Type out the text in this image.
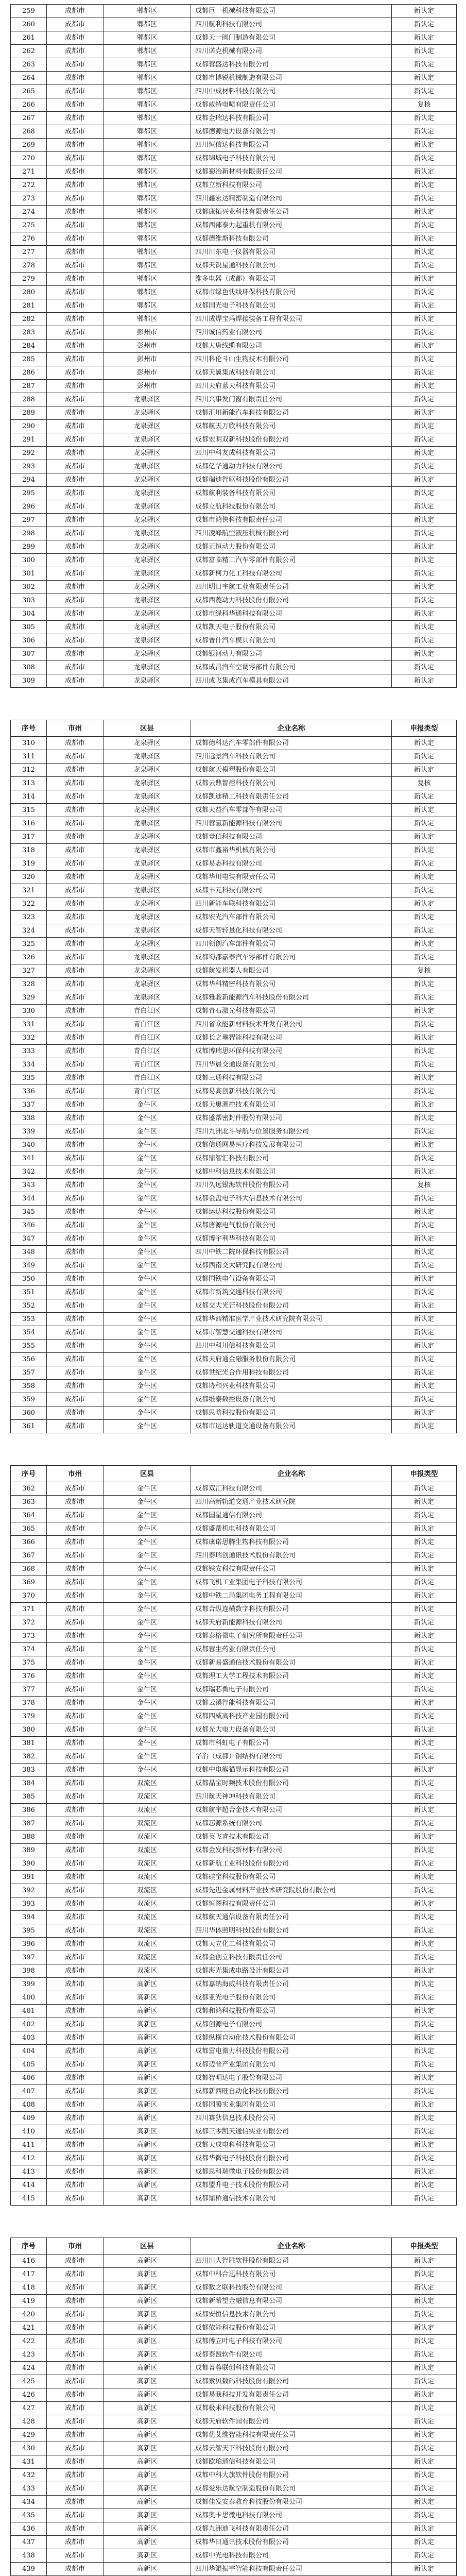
259	成都市	郫都区	成都巨一机械科技有限公司	新认定
260	成都市	郫都区	四川航利科技有限公司	新认定
261	成都市	郫都区	成都天一阀门制造有限公司	新认定
262	成都市	郫都区	四川诺克机械有限公司	新认定
263	成都市	郫都区	成都蓉盛达科技有限公司	新认定
264	成都市	郫都区	成都市博锐机械制造有限公司	新认定
265	成都市	郫都区	四川中成材料科技有限公司	新认定
266	成都市	郫都区	成都威特电喷有限责任公司	复核
267	成都市	郫都区	成都金瑞达科技有限公司	新认定
268	成都市	郫都区	成都德源电力设备有限公司	新认定
269	成都市	郫都区	四川恒信达科技有限公司	新认定
270	成都市	郫都区	成都锦城电子科技有限公司	新认定
271	成都市	郫都区	成都蜀冶新材料有限责任公司	新认定
272	成都市	郫都区	成都立新科技有限公司	新认定
273	成都市	郫都区	四川鑫宏达精密制造有限公司	新认定
274	成都市	郫都区	成都康拓兴业科技有限责任公司	新认定
275	成都市	郫都区	成都西部泰力起重机有限公司	新认定
276	成都市	郫都区	成都德维斯科技有限公司	新认定
277	成都市	郫都区	四川川东电子仪器有限公司	新认定
278	成都市	郫都区	成都天锐星通科技有限公司	新认定
279	成都市	郫都区	维多电器（成都）有限公司	新认定
280	成都市	郫都区	成都市绿色快线环保科技有限公司	新认定
281	成都市	郫都区	成都国光电子科技有限公司	新认定
282	成都市	郫都区	四川成焊宝玛焊接装备工程有限公司	新认定
283	成都市	彭州市	四川诚信药业有限公司	新认定
284	成都市	彭州市	成都大唐线缆有限公司	新认定
285	成都市	彭州市	四川科伦斗山生物技术有限公司	新认定
286	成都市	彭州市	成都天翼集成科技有限公司	新认定
287	成都市	彭州市	四川天府蓝天科技有限公司	新认定
288	成都市	龙泉驿区	四川兴事发门窗有限责任公司	新认定
289	成都市	龙泉驿区	成都汇川新能汽车科技有限公司	新认定
290	成都市	龙泉驿区	成都航天万欣科技有限公司	新认定
291	成都市	龙泉驿区	成都宏明双新科技股份有限公司	新认定
292	成都市	龙泉驿区	四川中科友成科技有限公司	新认定
293	成都市	龙泉驿区	成都亿华通动力科技有限公司	新认定
294	成都市	龙泉驿区	成都瑞迪智驱科技股份有限公司	新认定
295	成都市	龙泉驿区	成都航利装备科技有限公司	新认定
296	成都市	龙泉驿区	成都立航科技股份有限公司	新认定
297	成都市	龙泉驿区	成都市鸿侠科技有限责任公司	新认定
298	成都市	龙泉驿区	四川凌峰航空液压机械有限公司	新认定
299	成都市	龙泉驿区	成都正恒动力股份有限公司	新认定
300	成都市	龙泉驿区	成都富临精工汽车零部件有限公司	新认定
301	成都市	龙泉驿区	成都新柯力化工科技有限公司	新认定
302	成都市	龙泉驿区	四川明日宇航工业有限责任公司	新认定
303	成都市	龙泉驿区	成都西菱动力科技股份有限公司	新认定
304	成都市	龙泉驿区	成都市绿科华通科技有限公司	新认定
305	成都市	龙泉驿区	成都凯天电子股份有限公司	新认定
306	成都市	龙泉驿区	成都普什汽车模具有限公司	新认定
307	成都市	龙泉驿区	成都银河动力有限公司	新认定
308	成都市	龙泉驿区	成都成昌汽车空调零部件有限公司	新认定
309	成都市	龙泉驿区	四川成飞集成汽车模具有限公司	新认定
序号	市州	区县	企业名称	申报类型
310	成都市	龙泉驿区	成都德科达汽车零部件有限公司	新认定
311	成都市	龙泉驿区	四川远景汽车科技有限公司	新认定
312	成都市	龙泉驿区	成都航天模塑股份有限公司	新认定
313	成都市	龙泉驿区	成都云鼎智控科技有限公司	复核
314	成都市	龙泉驿区	成都凯迪精工科技有限责任公司	新认定
315	成都市	龙泉驿区	成都天益汽车零部件有限公司	新认定
316	成都市	龙泉驿区	四川蓉氢新能源科技有限公司	新认定
317	成都市	龙泉驿区	成都壹佰科技有限公司	新认定
318	成都市	龙泉驿区	成都市鑫裕华机械有限公司	新认定
319	成都市	龙泉驿区	成都易态科技有限公司	新认定
320	成都市	龙泉驿区	成都华川电装有限责任公司	新认定
321	成都市	龙泉驿区	成都丰元科技有限公司	新认定
322	成都市	龙泉驿区	四川新能车联科技有限公司	新认定
323	成都市	龙泉驿区	成都宏光汽车部件有限公司	新认定
324	成都市	龙泉驿区	成都天智轻量化科技有限公司	新认定
325	成都市	龙泉驿区	四川领创汽车部件有限公司	新认定
326	成都市	龙泉驿区	成都蜀都嘉泰汽车零部件有限公司	新认定
327	成都市	龙泉驿区	成都航发机器人有限公司	复核
328	成都市	龙泉驿区	成都华科精密科技有限公司	新认定
329	成都市	龙泉驿区	成都雅骏新能源汽车科技股份有限公司	新认定
330	成都市	青白江区	成都青石激光科技有限公司	新认定
331	成都市	青白江区	四川省众能新材料技术开发有限公司	新认定
332	成都市	青白江区	成都长之琳智能科技有限公司	新认定
333	成都市	青白江区	成都博瑞思环保科技有限公司	新认定
334	成都市	青白江区	四川华晨交通设备有限公司	新认定
335	成都市	青白江区	成都三通科技有限公司	新认定
336	成都市	青白江区	成都易高创新科技有限公司	新认定
337	成都市	金牛区	成都天奥测控技术有限公司	新认定
338	成都市	金牛区	成都盛帮密封件股份有限公司	新认定
339	成都市	金牛区	四川九洲北斗导航与位置服务有限公司	新认定
340	成都市	金牛区	成都信通网易医疗科技发展有限公司	新认定
341	成都市	金牛区	成都鼎智汇科技有限公司	新认定
342	成都市	金牛区	成都中科信息技术有限公司	新认定
343	成都市	金牛区	四川久远银海软件股份有限公司	复核
344	成都市	金牛区	成都金盘电子科大信息技术有限公司	新认定
345	成都市	金牛区	成都运达科技股份有限公司	新认定
346	成都市	金牛区	成都唐源电气股份有限公司	新认定
347	成都市	金牛区	成都博宇利华科技有限公司	新认定
348	成都市	金牛区	四川中铁二院环保科技有限公司	新认定
349	成都市	金牛区	成都西南交大研究院有限公司	新认定
350	成都市	金牛区	成都国铁电气设备有限公司	新认定
351	成都市	金牛区	成都市新筑交通科技有限公司	新认定
352	成都市	金牛区	成都交大光芒科技股份有限公司	新认定
353	成都市	金牛区	成都华西精准医学产业技术研究院有限公司	新认定
354	成都市	金牛区	成都市智慧交通科技有限公司	新认定
355	成都市	金牛区	四川中科川信科技有限公司	新认定
356	成都市	金牛区	成都天府通金融服务股份有限公司	新认定
357	成都市	金牛区	成都世纪光合作用科技有限公司	新认定
358	成都市	金牛区	成都协和兴业科技有限公司	新认定
359	成都市	金牛区	成都维泰数控设备有限公司	新认定
360	成都市	金牛区	成都思晗科技股份有限公司	新认定
361	成都市	金牛区	成都市运达轨道交通设备有限公司	新认定
序号	市州	区县	企业名称	申报类型
362	成都市	金牛区	成都双汇科技有限公司	新认定
363	成都市	金牛区	四川高新轨道交通产业技术研究院	新认定
364	成都市	金牛区	成都国星通信有限公司	新认定
365	成都市	金牛区	成都盛帮机电科技有限公司	新认定
366	成都市	金牛区	成都康诺思腾生物科技有限公司	新认定
367	成都市	金牛区	四川泰瑞创通讯技术股份有限公司	新认定
368	成都市	金牛区	成都铁安科技有限责任公司	新认定
369	成都市	金牛区	成都飞机工业集团电子科技有限公司	新认定
370	成都市	金牛区	成都中铁二局集团电务工程有限公司	新认定
371	成都市	金牛区	成都合纵连横数字科技有限公司	新认定
372	成都市	金牛区	成都天府新能源科技有限公司	新认定
373	成都市	金牛区	成都泰格微电子研究所有限责任公司	新认定
374	成都市	金牛区	成都蓉生药业有限责任公司	新认定
375	成都市	金牛区	成都新易盛通信技术股份有限公司	新认定
376	成都市	金牛区	成都理工大学工程技术有限公司	新认定
377	成都市	金牛区	成都瑞芯微电子有限公司	新认定
378	成都市	金牛区	成都云溪智能科技有限公司	新认定
379	成都市	金牛区	成都四威高科技产业园有限公司	新认定
380	成都市	金牛区	成都光大电力设备有限公司	新认定
381	成都市	金牛区	成都市科虹电子有限公司	新认定
382	成都市	金牛区	华冶（成都）钢结构有限公司	新认定
383	成都市	金牛区	成都中电熊猫显示科技有限公司	新认定
384	成都市	双流区	成都晶宝时频技术股份有限公司	新认定
385	成都市	双流区	四川航天神坤科技有限公司	新认定
386	成都市	双流区	成都航宇超合金技术有限公司	新认定
387	成都市	双流区	成都芯源系统有限公司	新认定
388	成都市	双流区	成都英飞睿技术有限公司	新认定
389	成都市	双流区	成都金发科技新材料有限公司	新认定
390	成都市	双流区	成都新航工业科技股份有限公司	新认定
391	成都市	双流区	成都硅宝科技股份有限公司	新认定
392	成都市	双流区	成都先进金属材料产业技术研究院股份有限公司	新认定
393	成都市	双流区	成都恒图科技有限责任公司	新认定
394	成都市	双流区	成都航天通信设备有限责任公司	新认定
395	成都市	双流区	四川华体照明科技股份有限公司	新认定
396	成都市	双流区	成都天立化工科技有限公司	新认定
397	成都市	双流区	成都金创立科技有限责任公司	新认定
398	成都市	双流区	成都海光集成电路设计有限公司	新认定
399	成都市	高新区	成都嘉纳海威科技有限责任公司	新认定
400	成都市	高新区	成都亚光电子股份有限公司	新认定
401	成都市	高新区	成都和鸿科技股份有限公司	新认定
402	成都市	高新区	成都创源电子有限公司	新认定
403	成都市	高新区	成都纵横自动化技术股份有限公司	新认定
404	成都市	高新区	成都雷电微力科技股份有限公司	新认定
405	成都市	高新区	成都迈普产业集团有限公司	新认定
406	成都市	高新区	成都智明达电子股份有限公司	新认定
407	成都市	高新区	成都新西旺自动化科技有限公司	新认定
408	成都市	高新区	成都国腾实业集团有限公司	新认定
409	成都市	高新区	四川赛狄信息技术股份公司	新认定
410	成都市	高新区	成都三零凯天通信实业有限公司	新认定
411	成都市	高新区	成都天成电科科技有限公司	新认定
412	成都市	高新区	成都华微电子科技股份有限公司	新认定
413	成都市	高新区	成都思科瑞微电子股份有限公司	新认定
414	成都市	高新区	成都盟升电子技术股份有限公司	新认定
415	成都市	高新区	成都鼎桥通信技术有限公司	新认定
序号	市州	区县	企业名称	申报类型
416	成都市	高新区	四川川大智胜软件股份有限公司	新认定
417	成都市	高新区	成都中科合迅科技有限公司	新认定
418	成都市	高新区	成都数之联科技股份有限公司	新认定
419	成都市	高新区	成都新希望金融信息有限公司	新认定
420	成都市	高新区	成都安恒信息技术有限公司	新认定
421	成都市	高新区	成都依能科技股份有限公司	新认定
422	成都市	高新区	成都傅立叶电子科技有限公司	新认定
423	成都市	高新区	成都泰盟软件有限公司	新认定
424	成都市	高新区	成都菁蓉联创科技有限公司	新认定
425	成都市	高新区	成都索贝数码科技股份有限公司	新认定
426	成都市	高新区	成都易我科技开发有限责任公司	新认定
427	成都市	高新区	成都极米科技股份有限公司	新认定
428	成都市	高新区	成都天府软件园有限公司	新认定
429	成都市	高新区	成都优艾维智能科技有限责任公司	新认定
430	成都市	高新区	成都云智天下科技股份有限公司	新认定
431	成都市	高新区	成都欧珀通信科技有限公司	新认定
432	成都市	高新区	成都中科大旗软件股份有限公司	新认定
433	成都市	高新区	成都爱乐达航空制造股份有限公司	新认定
434	成都市	高新区	成都佳发安泰教育科技股份有限公司	新认定
435	成都市	高新区	成都奥卡思微电科技有限公司	新认定
436	成都市	高新区	成都九洲迪飞科技有限责任公司	新认定
437	成都市	高新区	成都华日通讯技术股份有限公司	新认定
438	成都市	高新区	成都中光电科技有限公司	新认定
439	成都市	高新区	四川华鲲振宇智能科技有限责任公司	新认定
